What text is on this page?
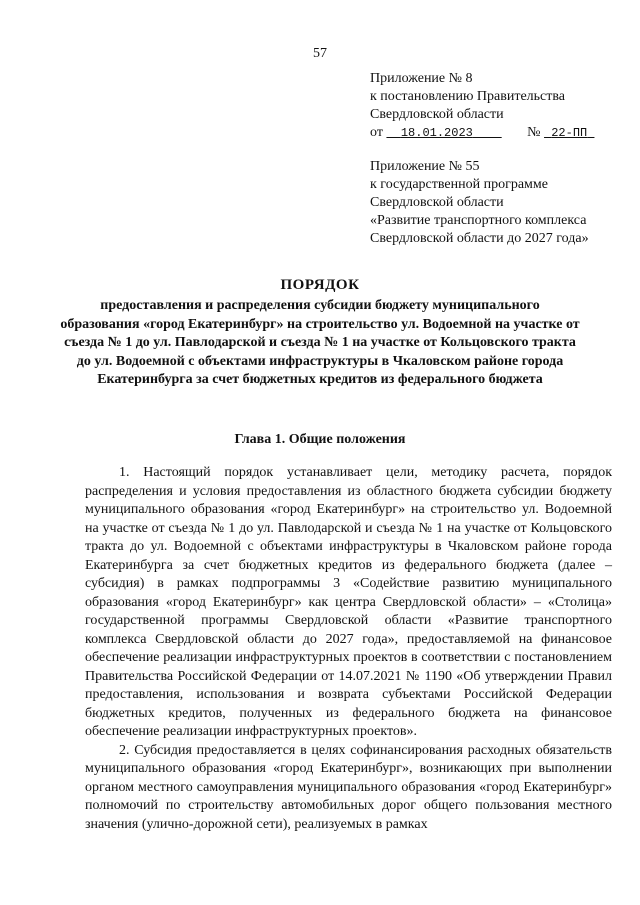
57
Приложение № 8
к постановлению Правительства
Свердловской области
от 18.01.2023	№ 22-ПП
Приложение № 55
к государственной программе
Свердловской области
«Развитие транспортного комплекса
Свердловской области до 2027 года»
ПОРЯДОК
предоставления и распределения субсидии бюджету муниципального образования «город Екатеринбург» на строительство ул. Водоемной на участке от съезда № 1 до ул. Павлодарской и съезда № 1 на участке от Кольцовского тракта до ул. Водоемной с объектами инфраструктуры в Чкаловском районе города Екатеринбурга за счет бюджетных кредитов из федерального бюджета
Глава 1. Общие положения

1. Настоящий порядок устанавливает цели, методику расчета, порядок распределения и условия предоставления из областного бюджета субсидии бюджету муниципального образования «город Екатеринбург» на строительство ул. Водоемной на участке от съезда № 1 до ул. Павлодарской и съезда № 1 на участке от Кольцовского тракта до ул. Водоемной с объектами инфраструктуры в Чкаловском районе города Екатеринбурга за счет бюджетных кредитов из федерального бюджета (далее – субсидия) в рамках подпрограммы 3 «Содействие развитию муниципального образования «город Екатеринбург» как центра Свердловской области» – «Столица» государственной программы Свердловской области «Развитие транспортного комплекса Свердловской области до 2027 года», предоставляемой на финансовое обеспечение реализации инфраструктурных проектов в соответствии с постановлением Правительства Российской Федерации от 14.07.2021 № 1190 «Об утверждении Правил предоставления, использования и возврата субъектами Российской Федерации бюджетных кредитов, полученных из федерального бюджета на финансовое обеспечение реализации инфраструктурных проектов».

2. Субсидия предоставляется в целях софинансирования расходных обязательств муниципального образования «город Екатеринбург», возникающих при выполнении органом местного самоуправления муниципального образования «город Екатеринбург» полномочий по строительству автомобильных дорог общего пользования местного значения (улично-дорожной сети), реализуемых в рамках
